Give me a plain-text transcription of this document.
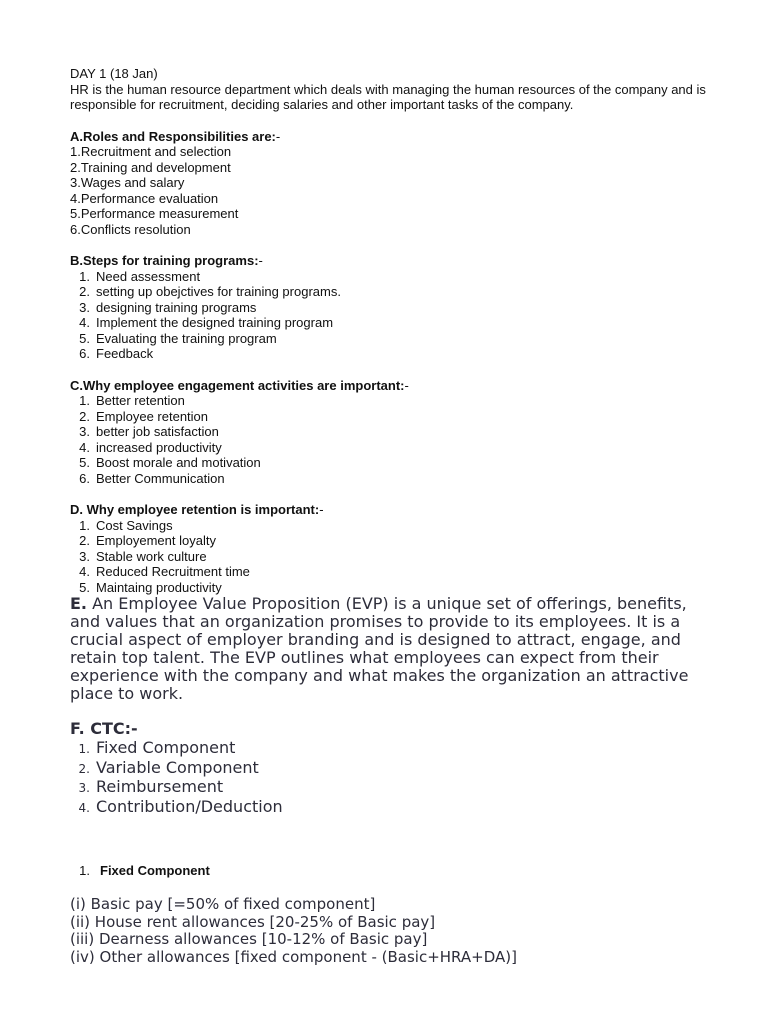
DAY 1 (18 Jan)

HR is the human resource department which deals with managing the human resources of the company and is responsible for recruitment, deciding salaries and other important tasks of the company.

A.Roles and Responsibilities are:-

1.Recruitment and selection

2.Training and development

3.Wages and salary

4.Performance evaluation

5.Performance measurement

6.Conflicts resolution

B.Steps for training programs:-

1. Need assessment
2. setting up obejctives for training programs.
3. designing training programs
4. Implement the designed training program
5. Evaluating the training program
6. Feedback

C.Why employee engagement activities are important:-

1. Better retention
2. Employee retention
3. better job satisfaction
4. increased productivity
5. Boost morale and motivation
6. Better Communication

D. Why employee retention is important:-

1. Cost Savings
2. Employement loyalty
3. Stable work culture
4. Reduced Recruitment time
5. Maintaing productivity

E. An Employee Value Proposition (EVP) is a unique set of offerings, benefits, and values that an organization promises to provide to its employees. It is a crucial aspect of employer branding and is designed to attract, engage, and retain top talent. The EVP outlines what employees can expect from their experience with the company and what makes the organization an attractive place to work.

F. CTC:-

1. Fixed Component
2. Variable Component
3. Reimbursement
4. Contribution/Deduction
1. Fixed Component

(i) Basic pay [=50% of fixed component]

(ii) House rent allowances [20-25% of Basic pay]

(iii) Dearness allowances [10-12% of Basic pay]

(iv) Other allowances [fixed component - (Basic+HRA+DA)]
